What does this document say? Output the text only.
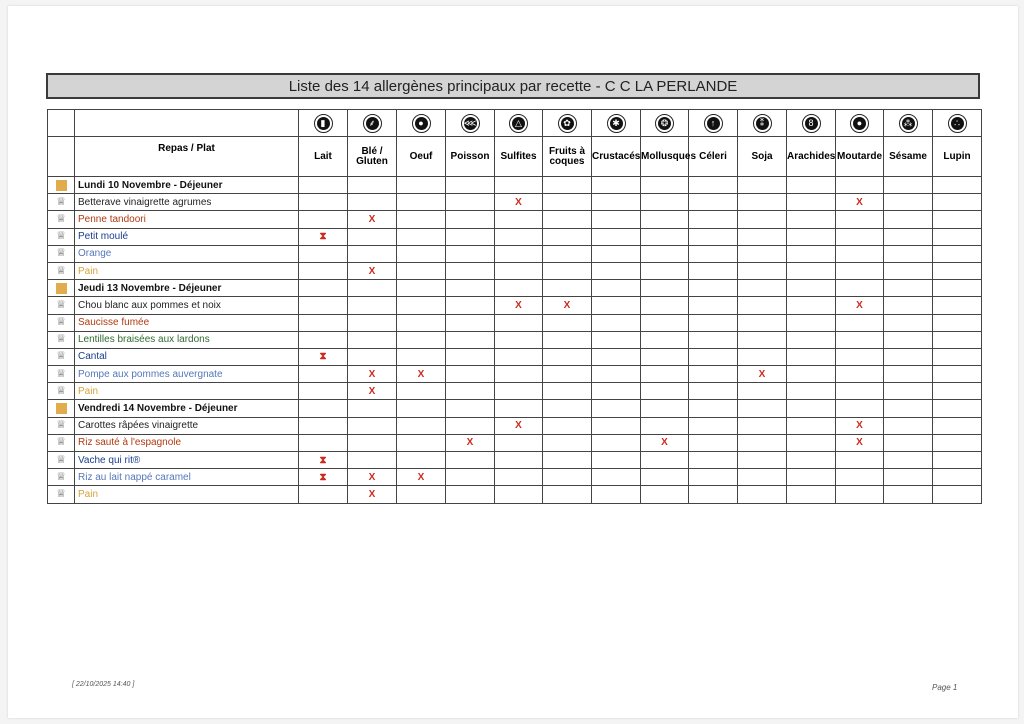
Liste des 14 allergènes principaux par recette - C C LA PERLANDE

▮	⸙	●	⋘	△	✿	✱	❂	↑	⁑	8	●	⁂	∴

	Repas / Plat	Lait	Blé / Gluten	Oeuf	Poisson	Sulfites	Fruits à coques	Crustacés	Mollusques	Céleri	Soja	Arachides	Moutarde	Sésame	Lupin
	Lundi 10 Novembre - Déjeuner														
♕	Betterave vinaigrette agrumes					X							X		
♕	Penne tandoori		X												
♕	Petit moulé	⧗													
♕	Orange														
♕	Pain		X												
	Jeudi 13 Novembre - Déjeuner														
♕	Chou blanc aux pommes et noix					X	X						X		
♕	Saucisse fumée														
♕	Lentilles braisées aux lardons														
♕	Cantal	⧗													
♕	Pompe aux pommes auvergnate		X	X							X				
♕	Pain		X												
	Vendredi 14 Novembre - Déjeuner														
♕	Carottes râpées vinaigrette					X							X		
♕	Riz sauté à l'espagnole				X				X				X		
♕	Vache qui rit®	⧗													
♕	Riz au lait nappé caramel	⧗	X	X											
♕	Pain		X												
[ 22/10/2025 14:40 ]	Page 1
